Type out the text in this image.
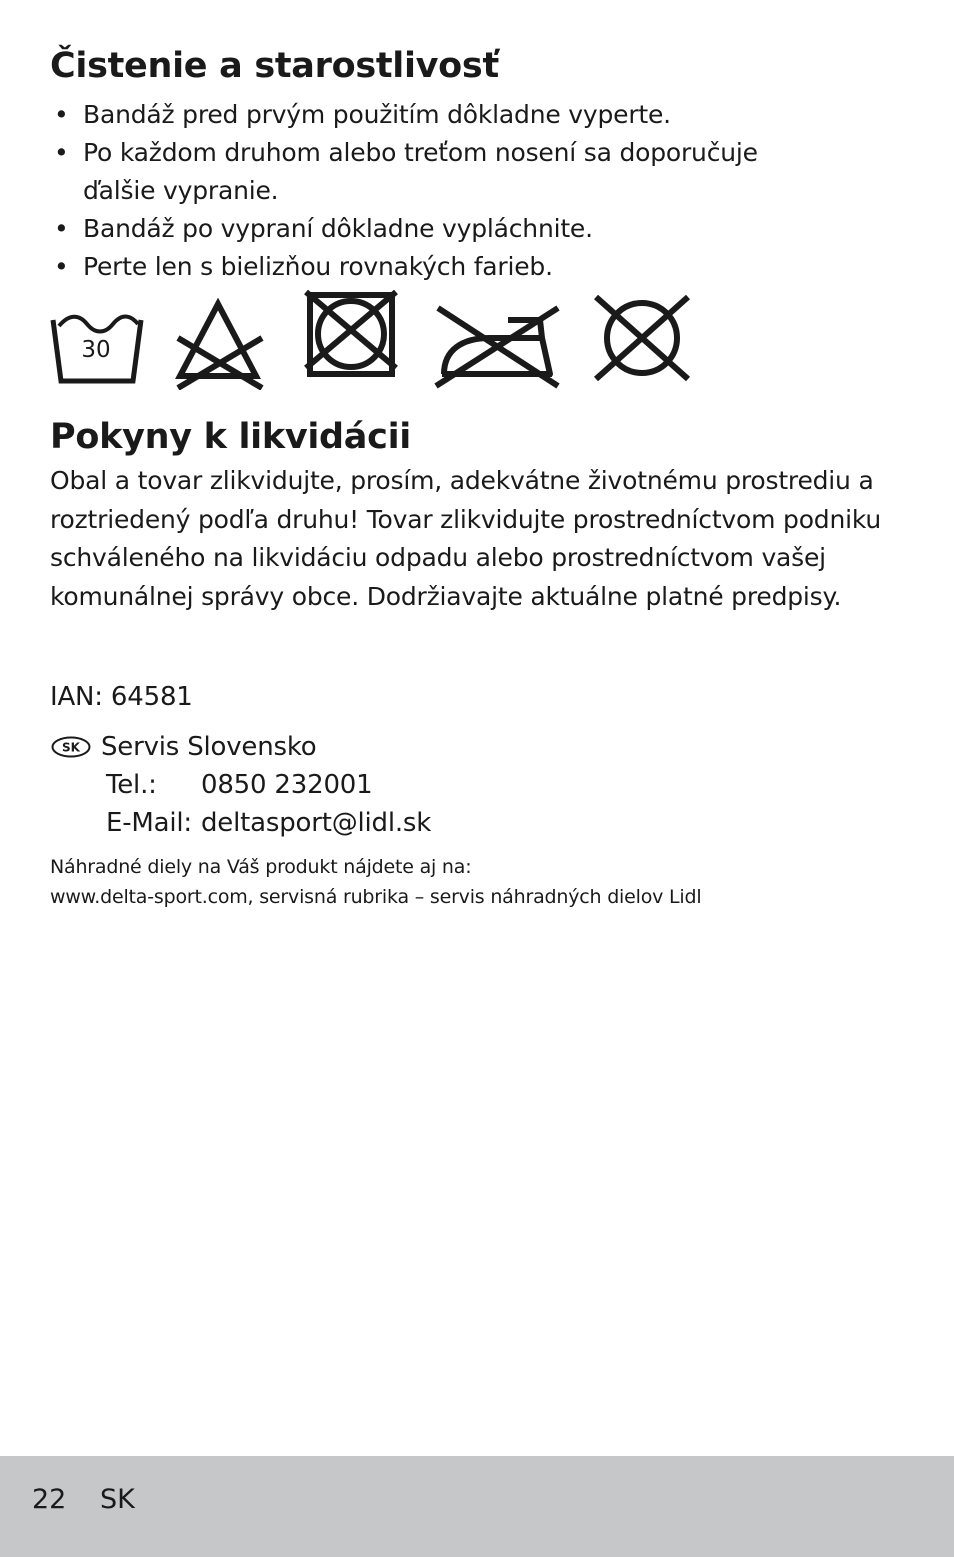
Čistenie a starostlivosť
• Bandáž pred prvým použitím dôkladne vyperte.
• Po každom druhom alebo treťom nosení sa doporučuje ďalšie vypranie.
• Bandáž po vypraní dôkladne vypláchnite.
• Perte len s bielizňou rovnakých farieb.
30
Pokyny k likvidácii

Obal a tovar zlikvidujte, prosím, adekvátne životnému prostrediu a roztriedený podľa druhu! Tovar zlikvidujte prostredníctvom podniku schváleného na likvidáciu odpadu alebo prostredníctvom vašej komunálnej správy obce. Dodržiavajte aktuálne platné predpisy.

IAN: 64581
SK Servis Slovensko
Tel.: 0850 232001
E-Mail: deltasport@lidl.sk
Náhradné diely na Váš produkt nájdete aj na:
www.delta-sport.com, servisná rubrika – servis náhradných dielov Lidl
22 SK
